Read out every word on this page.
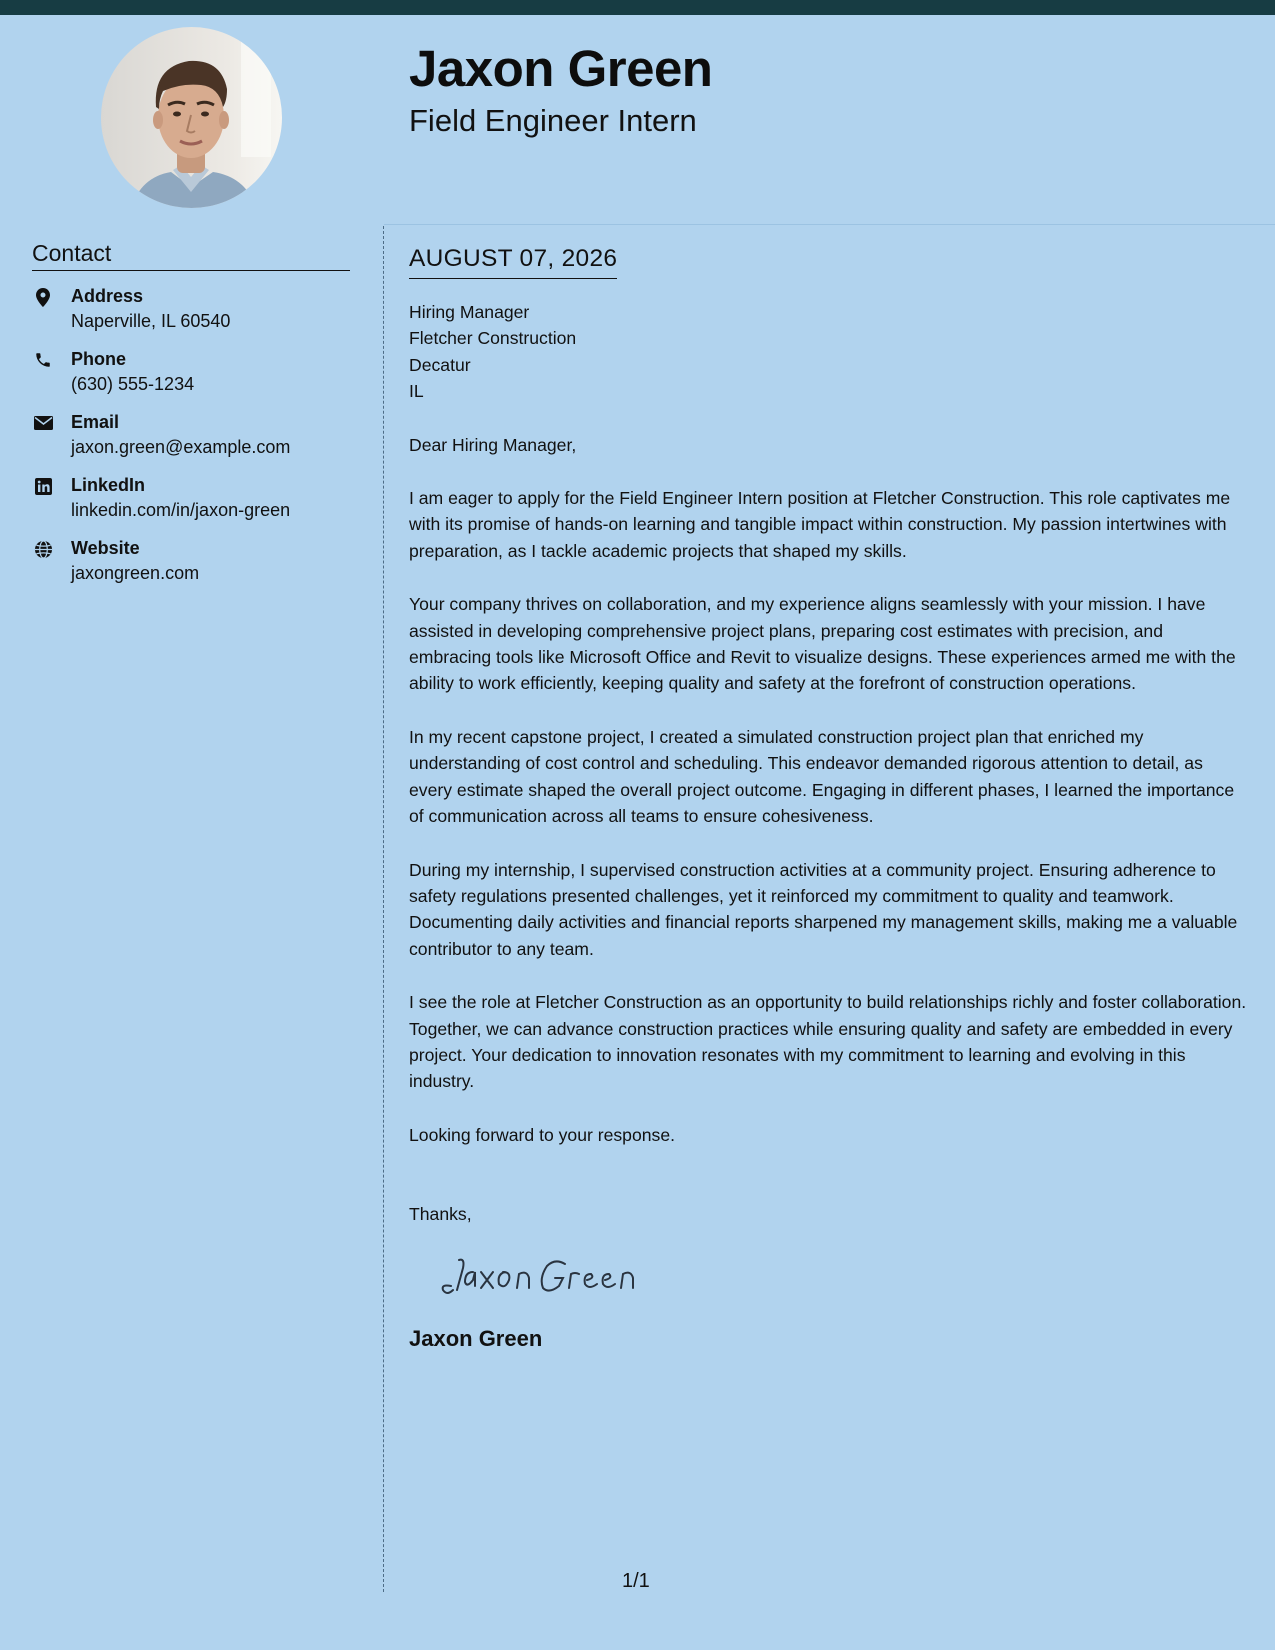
Jaxon Green
Field Engineer Intern
Contact
Address
Naperville, IL 60540
Phone
(630) 555-1234
Email
jaxon.green@example.com
LinkedIn
linkedin.com/in/jaxon-green
Website
jaxongreen.com
AUGUST 07, 2026
Hiring Manager
Fletcher Construction
Decatur
IL
Dear Hiring Manager,
I am eager to apply for the Field Engineer Intern position at Fletcher Construction. This role captivates me with its promise of hands-on learning and tangible impact within construction. My passion intertwines with preparation, as I tackle academic projects that shaped my skills.
Your company thrives on collaboration, and my experience aligns seamlessly with your mission. I have assisted in developing comprehensive project plans, preparing cost estimates with precision, and embracing tools like Microsoft Office and Revit to visualize designs. These experiences armed me with the ability to work efficiently, keeping quality and safety at the forefront of construction operations.
In my recent capstone project, I created a simulated construction project plan that enriched my understanding of cost control and scheduling. This endeavor demanded rigorous attention to detail, as every estimate shaped the overall project outcome. Engaging in different phases, I learned the importance of communication across all teams to ensure cohesiveness.
During my internship, I supervised construction activities at a community project. Ensuring adherence to safety regulations presented challenges, yet it reinforced my commitment to quality and teamwork. Documenting daily activities and financial reports sharpened my management skills, making me a valuable contributor to any team.
I see the role at Fletcher Construction as an opportunity to build relationships richly and foster collaboration. Together, we can advance construction practices while ensuring quality and safety are embedded in every project. Your dedication to innovation resonates with my commitment to learning and evolving in this industry.
Looking forward to your response.
Thanks,
Jaxon Green
1/1
